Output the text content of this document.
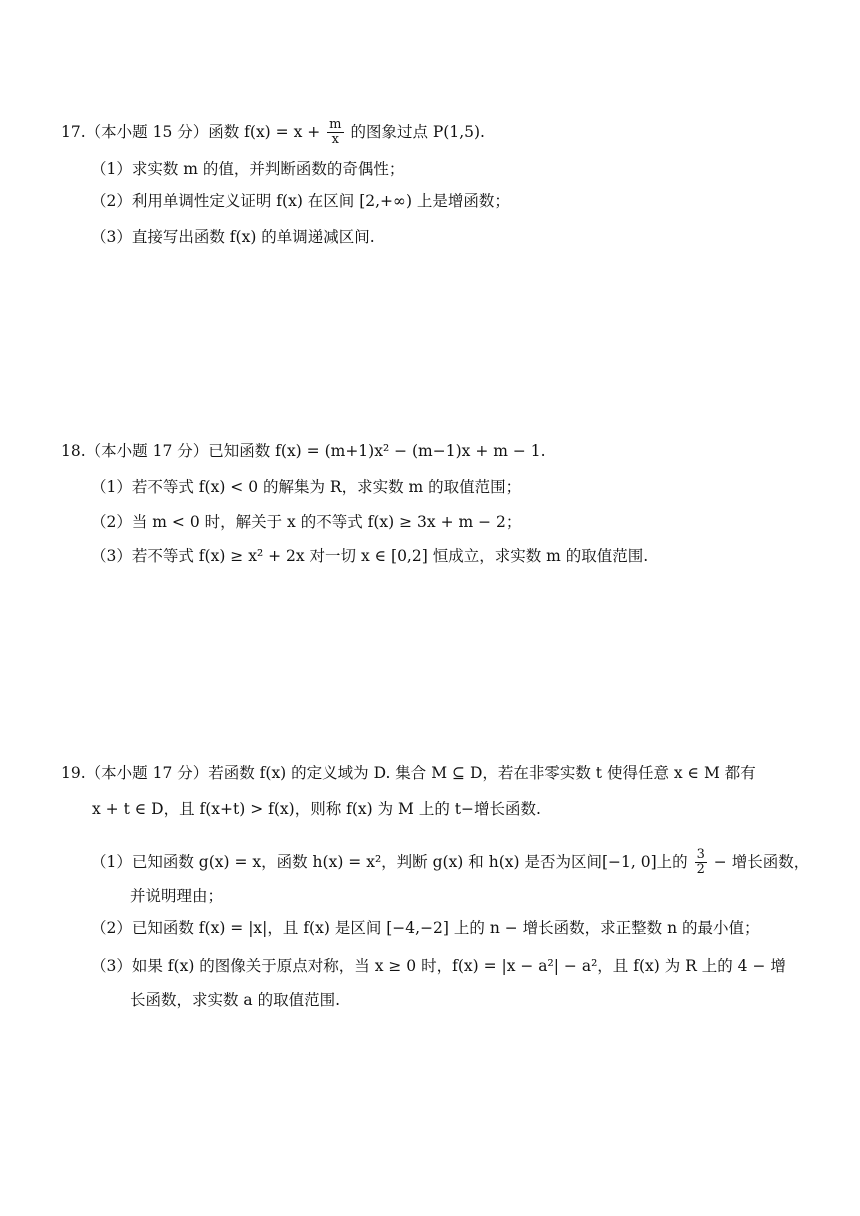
17.（本小题 15 分）函数 $f(x) = x + \frac{m}{x}$ 的图象过点 P(1,5).
（1）求实数 m 的值，并判断函数的奇偶性；
（2）利用单调性定义证明 f(x) 在区间 [2,+∞) 上是增函数；
（3）直接写出函数 f(x) 的单调递减区间.
18.（本小题 17 分）已知函数 f(x) = (m+1)x² − (m−1)x + m − 1.
（1）若不等式 f(x) < 0 的解集为 R，求实数 m 的取值范围；
（2）当 m < 0 时，解关于 x 的不等式 f(x) ≥ 3x + m − 2；
（3）若不等式 f(x) ≥ x² + 2x 对一切 x ∈ [0,2] 恒成立，求实数 m 的取值范围.
19.（本小题 17 分）若函数 f(x) 的定义域为 D. 集合 M ⊆ D，若在非零实数 t 使得任意 x ∈ M 都有
x + t ∈ D，且 f(x+t) > f(x)，则称 f(x) 为 M 上的 t−增长函数.
（1）已知函数 g(x) = x，函数 h(x) = x²，判断 g(x) 和 h(x) 是否为区间[−1, 0]上的 $\frac{3}{2}$ − 增长函数，
并说明理由；
（2）已知函数 f(x) = |x|，且 f(x) 是区间 [−4,−2] 上的 n − 增长函数，求正整数 n 的最小值；
（3）如果 f(x) 的图像关于原点对称，当 x ≥ 0 时，f(x) = |x − a²| − a²，且 f(x) 为 R 上的 4 − 增
长函数，求实数 a 的取值范围.
